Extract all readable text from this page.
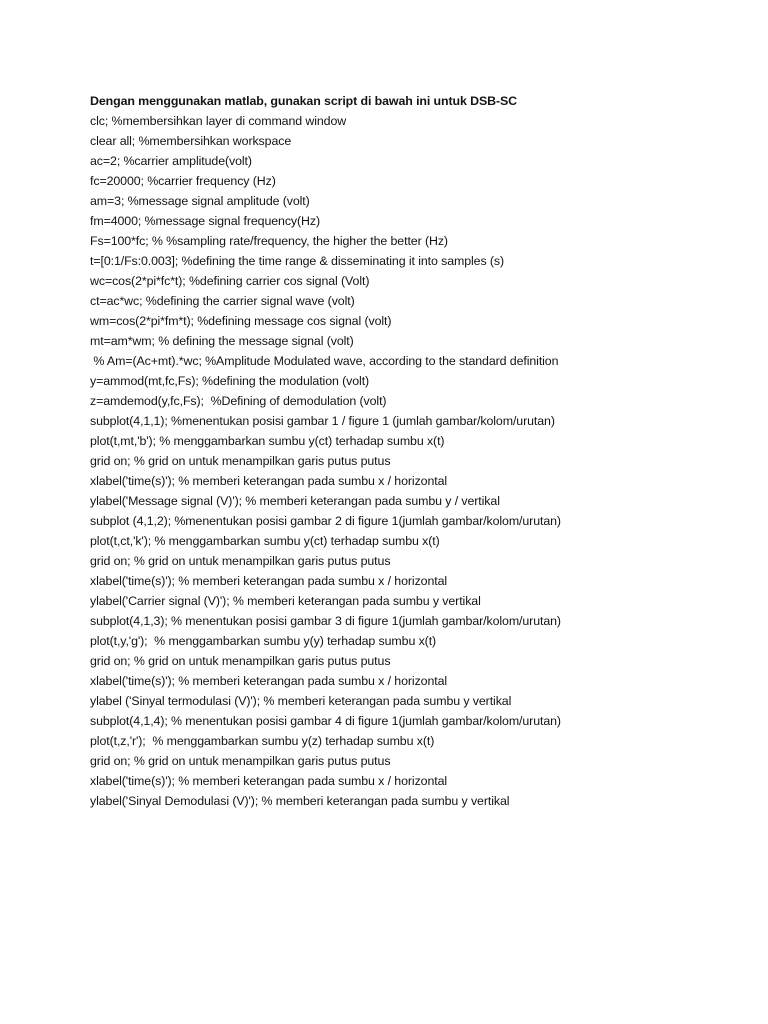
Dengan menggunakan matlab, gunakan script di bawah ini untuk DSB-SC
clc; %membersihkan layer di command window
clear all; %membersihkan workspace
ac=2; %carrier amplitude(volt)
fc=20000; %carrier frequency (Hz)
am=3; %message signal amplitude (volt)
fm=4000; %message signal frequency(Hz)
Fs=100*fc; % %sampling rate/frequency, the higher the better (Hz)
t=[0:1/Fs:0.003]; %defining the time range & disseminating it into samples (s)
wc=cos(2*pi*fc*t); %defining carrier cos signal (Volt)
ct=ac*wc; %defining the carrier signal wave (volt)
wm=cos(2*pi*fm*t); %defining message cos signal (volt)
mt=am*wm; % defining the message signal (volt)
% Am=(Ac+mt).*wc; %Amplitude Modulated wave, according to the standard definition
y=ammod(mt,fc,Fs); %defining the modulation (volt)
z=amdemod(y,fc,Fs);  %Defining of demodulation (volt)
subplot(4,1,1); %menentukan posisi gambar 1 / figure 1 (jumlah gambar/kolom/urutan)
plot(t,mt,'b'); % menggambarkan sumbu y(ct) terhadap sumbu x(t)
grid on; % grid on untuk menampilkan garis putus putus
xlabel('time(s)'); % memberi keterangan pada sumbu x / horizontal
ylabel('Message signal (V)'); % memberi keterangan pada sumbu y / vertikal
subplot (4,1,2); %menentukan posisi gambar 2 di figure 1(jumlah gambar/kolom/urutan)
plot(t,ct,'k'); % menggambarkan sumbu y(ct) terhadap sumbu x(t)
grid on; % grid on untuk menampilkan garis putus putus
xlabel('time(s)'); % memberi keterangan pada sumbu x / horizontal
ylabel('Carrier signal (V)'); % memberi keterangan pada sumbu y vertikal
subplot(4,1,3); % menentukan posisi gambar 3 di figure 1(jumlah gambar/kolom/urutan)
plot(t,y,'g');  % menggambarkan sumbu y(y) terhadap sumbu x(t)
grid on; % grid on untuk menampilkan garis putus putus
xlabel('time(s)'); % memberi keterangan pada sumbu x / horizontal
ylabel ('Sinyal termodulasi (V)'); % memberi keterangan pada sumbu y vertikal
subplot(4,1,4); % menentukan posisi gambar 4 di figure 1(jumlah gambar/kolom/urutan)
plot(t,z,'r');  % menggambarkan sumbu y(z) terhadap sumbu x(t)
grid on; % grid on untuk menampilkan garis putus putus
xlabel('time(s)'); % memberi keterangan pada sumbu x / horizontal
ylabel('Sinyal Demodulasi (V)'); % memberi keterangan pada sumbu y vertikal
